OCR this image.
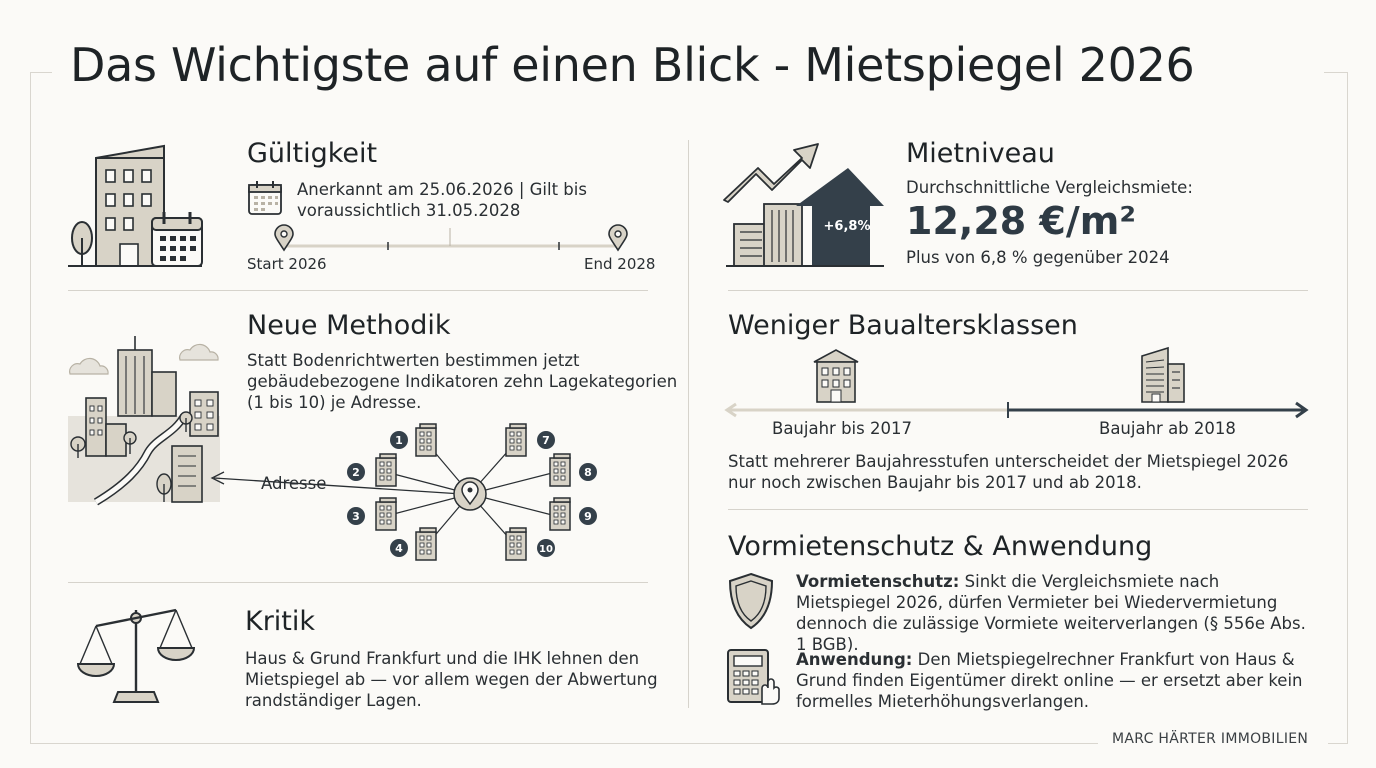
Das Wichtigste auf einen Blick - Mietspiegel 2026
Gültigkeit
Anerkannt am 25.06.2026 | Gilt bis voraussichtlich 31.05.2028
Start 2026	End 2028
+6,8%
Mietniveau
Durchschnittliche Vergleichsmiete:
12,28 €/m²
Plus von 6,8 % gegenüber 2024
Neue Methodik
Statt Bodenrichtwerten bestimmen jetzt gebäudebezogene Indikatoren zehn Lagekategorien (1 bis 10) je Adresse.
1
2
3
4
7
8
9
10
Adresse
Weniger Baualtersklassen
Baujahr bis 2017	Baujahr ab 2018
Statt mehrerer Baujahresstufen unterscheidet der Mietspiegel 2026 nur noch zwischen Baujahr bis 2017 und ab 2018.
Kritik
Haus & Grund Frankfurt und die IHK lehnen den Mietspiegel ab — vor allem wegen der Abwertung randständiger Lagen.
Vormietenschutz & Anwendung
Vormietenschutz: Sinkt die Vergleichsmiete nach Mietspiegel 2026, dürfen Vermieter bei Wiedervermietung dennoch die zulässige Vormiete weiterverlangen (§ 556e Abs. 1 BGB).
Anwendung: Den Mietspiegelrechner Frankfurt von Haus & Grund finden Eigentümer direkt online — er ersetzt aber kein formelles Mieterhöhungsverlangen.
MARC HÄRTER IMMOBILIEN
